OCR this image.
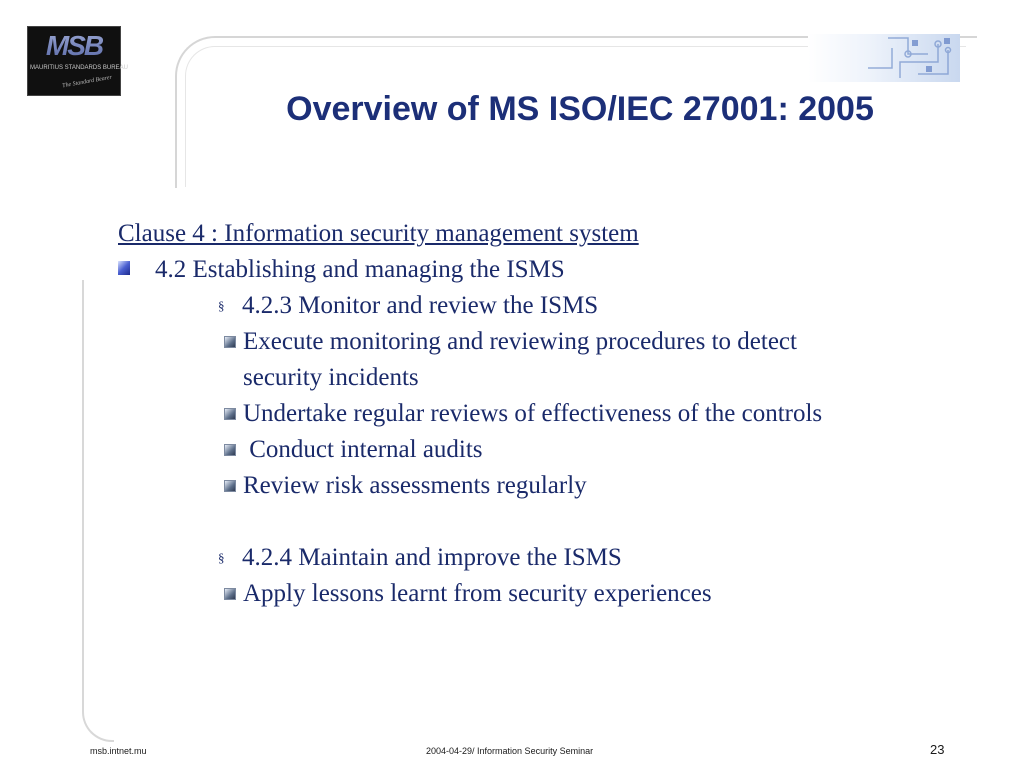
MSB
MAURITIUS STANDARDS BUREAU
The Standard Bearer
Overview of MS ISO/IEC 27001: 2005
Clause 4 : Information security management system
4.2 Establishing and managing the ISMS
§ 4.2.3 Monitor and review the ISMS
Execute monitoring and reviewing procedures to detect
security incidents
Undertake regular reviews of effectiveness of the controls
Conduct internal audits
Review risk assessments regularly
§ 4.2.4 Maintain and improve the ISMS
Apply lessons learnt from security experiences
msb.intnet.mu	2004-04-29/ Information Security Seminar	23
